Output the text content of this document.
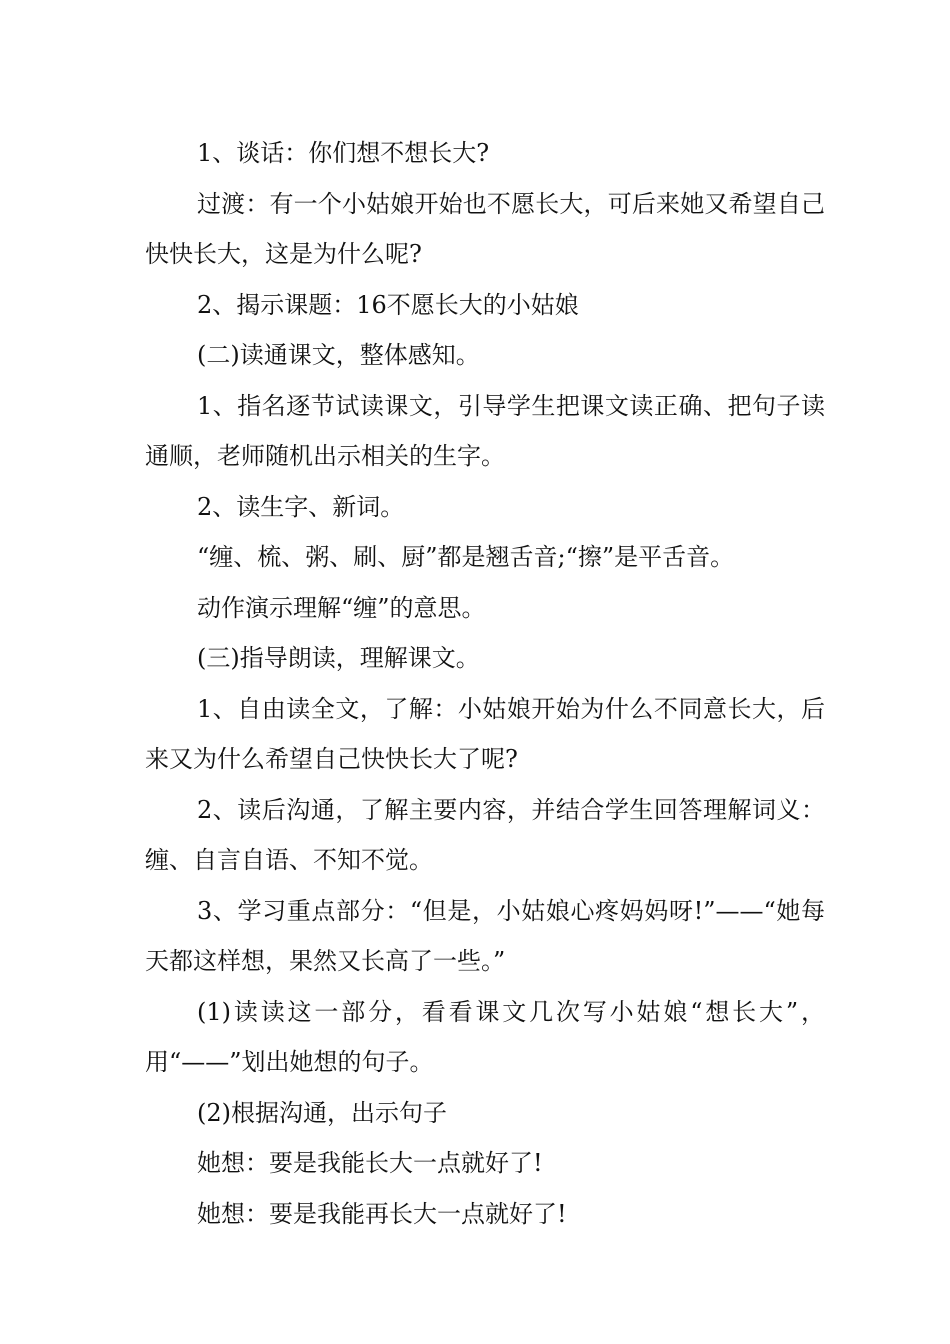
1、谈话：你们想不想长大?

过渡：有一个小姑娘开始也不愿长大，可后来她又希望自己快快长大，这是为什么呢?

2、揭示课题：16不愿长大的小姑娘

(二)读通课文，整体感知。

1、指名逐节试读课文，引导学生把课文读正确、把句子读通顺，老师随机出示相关的生字。

2、读生字、新词。

“缠、梳、粥、刷、厨”都是翘舌音;“擦”是平舌音。

动作演示理解“缠”的意思。

(三)指导朗读，理解课文。

1、自由读全文，了解：小姑娘开始为什么不同意长大，后来又为什么希望自己快快长大了呢?

2、读后沟通，了解主要内容，并结合学生回答理解词义：缠、自言自语、不知不觉。

3、学习重点部分：“但是，小姑娘心疼妈妈呀!”——“她每天都这样想，果然又长高了一些。”

(1)读读这一部分，看看课文几次写小姑娘“想长大”，用“——”划出她想的句子。

(2)根据沟通，出示句子

她想：要是我能长大一点就好了!

她想：要是我能再长大一点就好了!
